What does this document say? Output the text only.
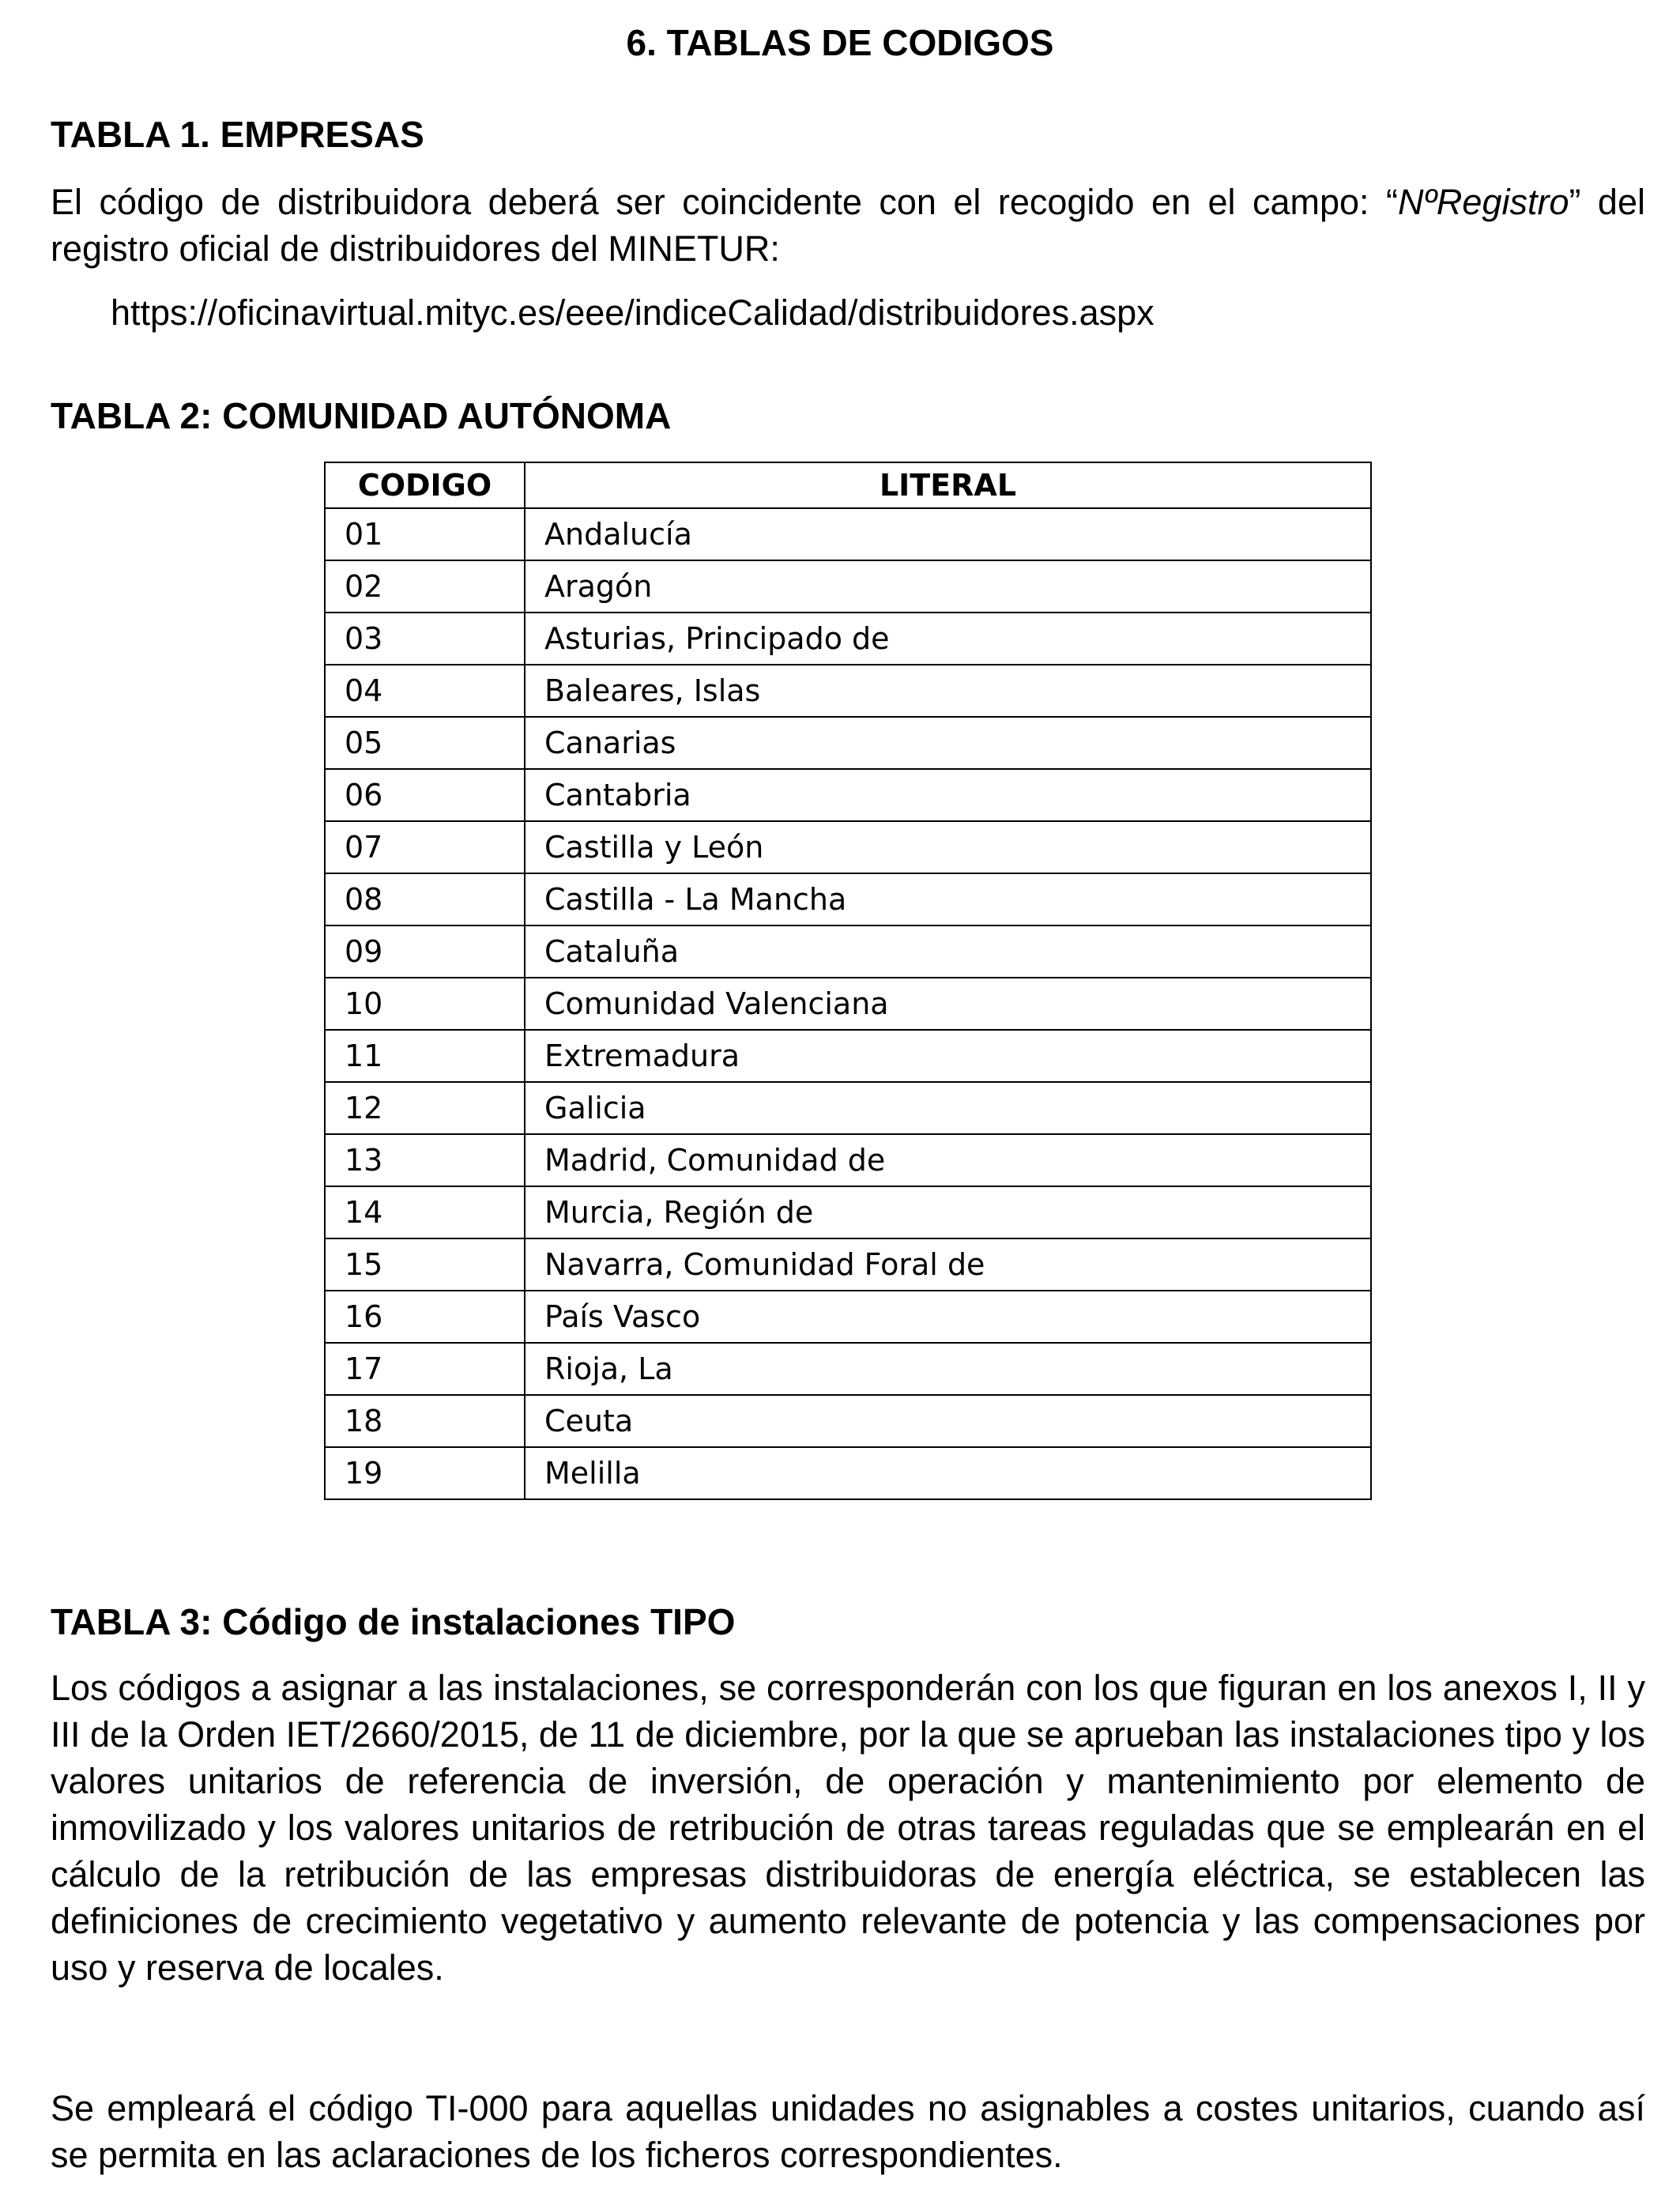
6. TABLAS DE CODIGOS
TABLA 1. EMPRESAS
El código de distribuidora deberá ser coincidente con el recogido en el campo: “NºRegistro” del registro oficial de distribuidores del MINETUR:
https://oficinavirtual.mityc.es/eee/indiceCalidad/distribuidores.aspx
TABLA 2: COMUNIDAD AUTÓNOMA
CODIGO	LITERAL
01	Andalucía
02	Aragón
03	Asturias, Principado de
04	Baleares, Islas
05	Canarias
06	Cantabria
07	Castilla y León
08	Castilla - La Mancha
09	Cataluña
10	Comunidad Valenciana
11	Extremadura
12	Galicia
13	Madrid, Comunidad de
14	Murcia, Región de
15	Navarra, Comunidad Foral de
16	País Vasco
17	Rioja, La
18	Ceuta
19	Melilla
TABLA 3: Código de instalaciones TIPO
Los códigos a asignar a las instalaciones, se corresponderán con los que figuran en los anexos I, II y III de la Orden IET/2660/2015, de 11 de diciembre, por la que se aprueban las instalaciones tipo y los valores unitarios de referencia de inversión, de operación y mantenimiento por elemento de inmovilizado y los valores unitarios de retribución de otras tareas reguladas que se emplearán en el cálculo de la retribución de las empresas distribuidoras de energía eléctrica, se establecen las definiciones de crecimiento vegetativo y aumento relevante de potencia y las compensaciones por uso y reserva de locales.
Se empleará el código TI-000 para aquellas unidades no asignables a costes unitarios, cuando así se permita en las aclaraciones de los ficheros correspondientes.
